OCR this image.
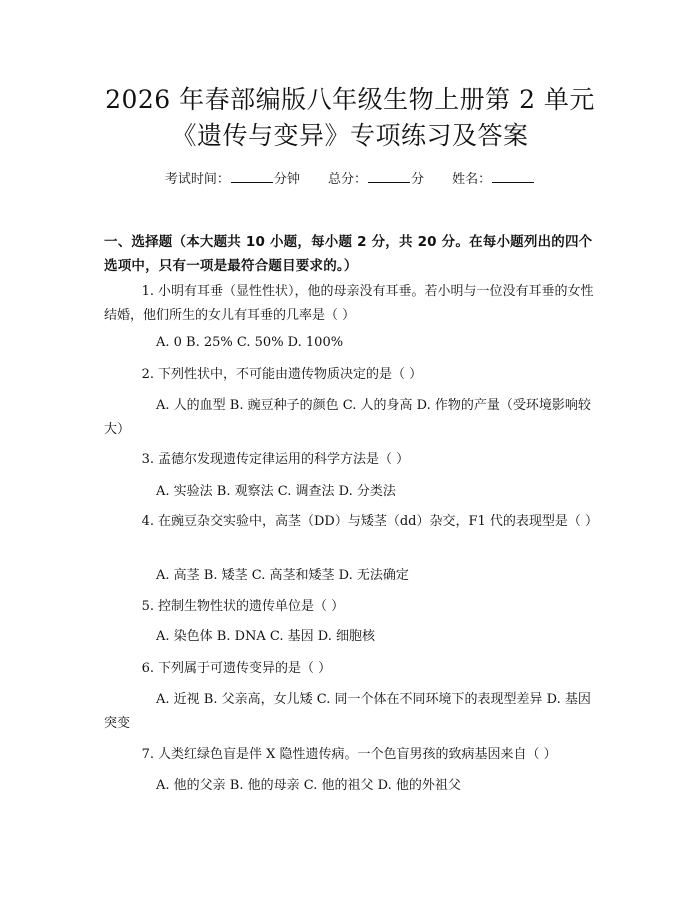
2026 年春部编版八年级生物上册第 2 单元
《遗传与变异》专项练习及答案
考试时间：	分钟 总分：	分 姓名：
一、选择题（本大题共 10 小题，每小题 2 分，共 20 分。在每小题列出的四个选项中，只有一项是最符合题目要求的。）
1. 小明有耳垂（显性性状），他的母亲没有耳垂。若小明与一位没有耳垂的女性结婚，他们所生的女儿有耳垂的几率是（ ）
A. 0 B. 25% C. 50% D. 100%
2. 下列性状中，不可能由遗传物质决定的是（ ）
A. 人的血型 B. 豌豆种子的颜色 C. 人的身高 D. 作物的产量（受环境影响较大）
3. 孟德尔发现遗传定律运用的科学方法是（ ）
A. 实验法 B. 观察法 C. 调查法 D. 分类法
4. 在豌豆杂交实验中，高茎（DD）与矮茎（dd）杂交，F1 代的表现型是（ ）
A. 高茎 B. 矮茎 C. 高茎和矮茎 D. 无法确定
5. 控制生物性状的遗传单位是（ ）
A. 染色体 B. DNA C. 基因 D. 细胞核
6. 下列属于可遗传变异的是（ ）
A. 近视 B. 父亲高，女儿矮 C. 同一个体在不同环境下的表现型差异 D. 基因突变
7. 人类红绿色盲是伴 X 隐性遗传病。一个色盲男孩的致病基因来自（ ）
A. 他的父亲 B. 他的母亲 C. 他的祖父 D. 他的外祖父
